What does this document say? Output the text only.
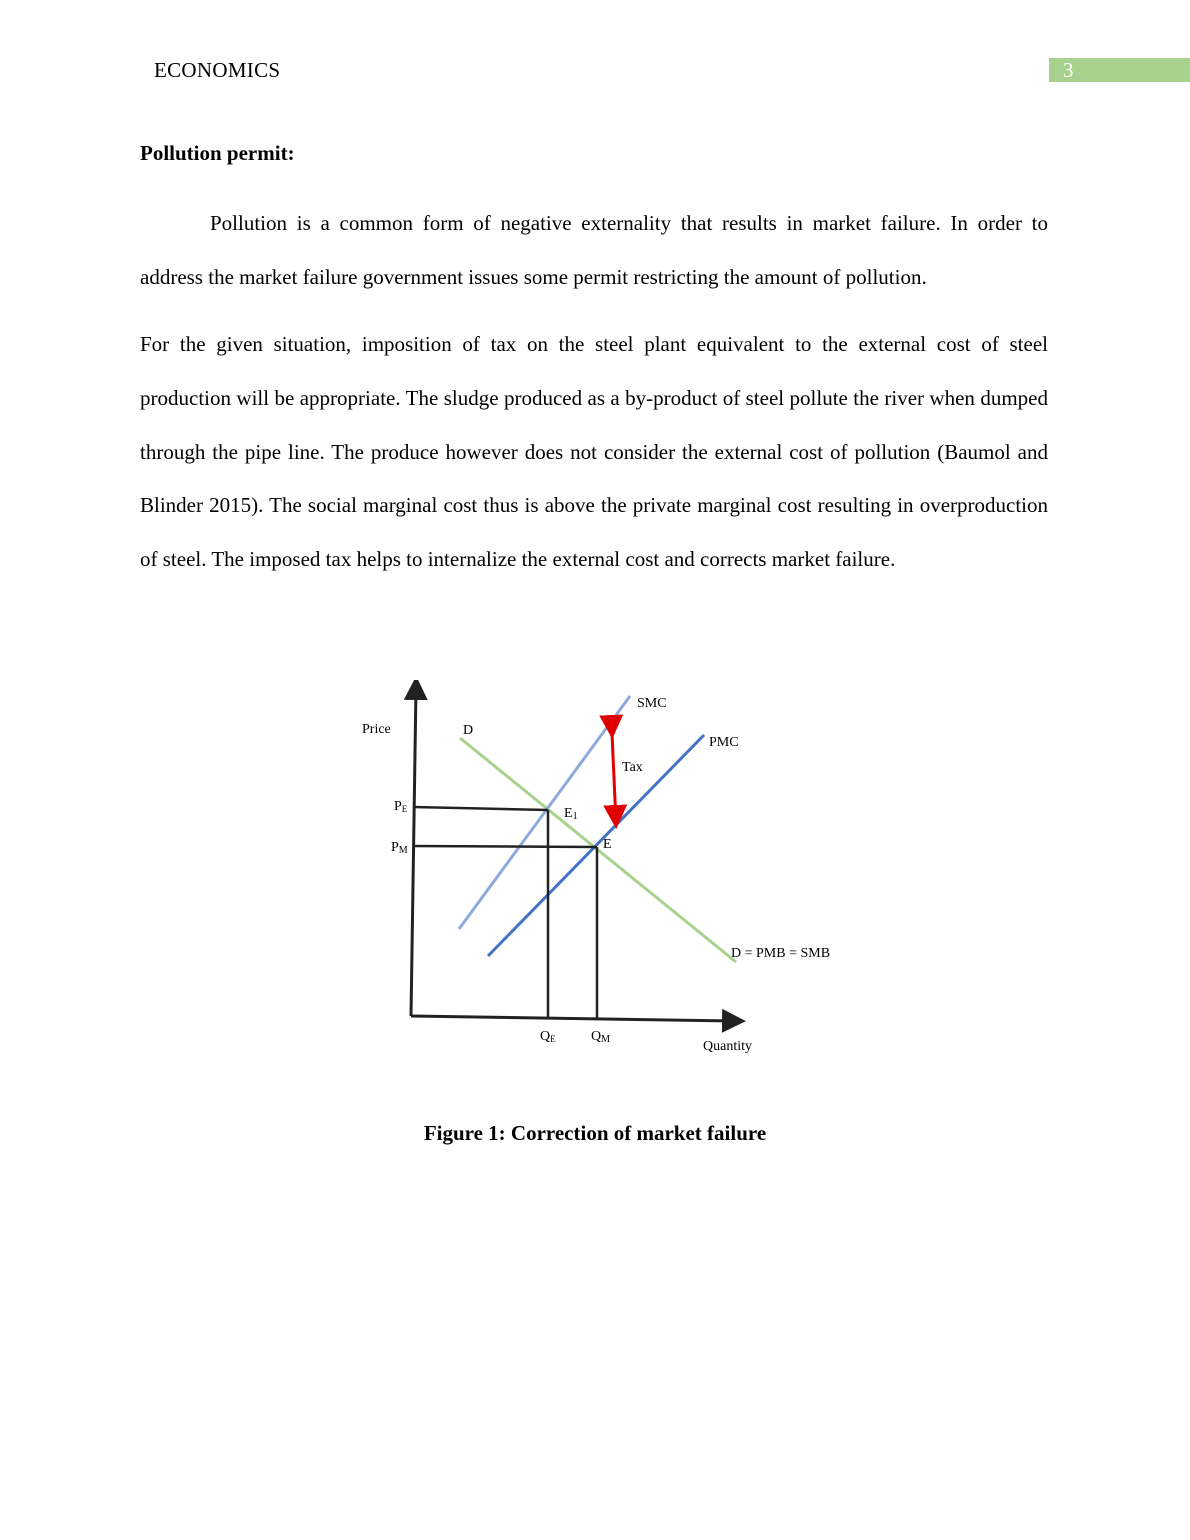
ECONOMICS	3
Pollution permit:

Pollution is a common form of negative externality that results in market failure. In order to address the market failure government issues some permit restricting the amount of pollution.

For the given situation, imposition of tax on the steel plant equivalent to the external cost of steel production will be appropriate. The sludge produced as a by-product of steel pollute the river when dumped through the pipe line. The produce however does not consider the external cost of pollution (Baumol and Blinder 2015). The social marginal cost thus is above the private marginal cost resulting in overproduction of steel. The imposed tax helps to internalize the external cost and corrects market failure.

Price
Quantity
D
SMC
PMC
Tax
D = PMB = SMB
E1
E
PE
PM
QE	QM
Figure 1: Correction of market failure
